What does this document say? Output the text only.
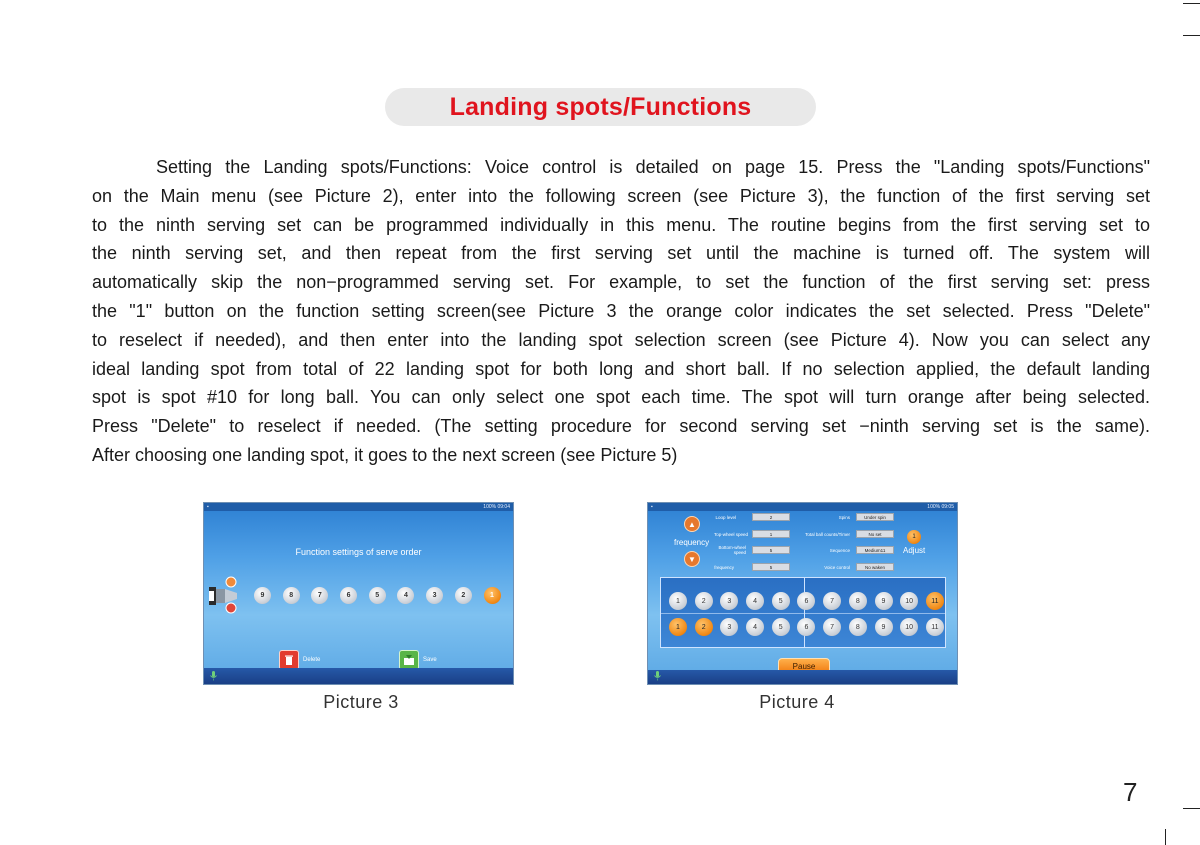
Landing spots/Functions
Setting the Landing spots/Functions: Voice control is detailed on page 15. Press the "Landing spots/Functions"
on the Main menu (see Picture 2), enter into the following screen (see Picture 3), the function of the first serving set
to the ninth serving set can be programmed individually in this menu. The routine begins from the first serving set to
the ninth serving set, and then repeat from the first serving set until the machine is turned off. The system will
automatically skip the non−programmed serving set. For example, to set the function of the first serving set: press
the "1" button on the function setting screen(see Picture 3 the orange color indicates the set selected. Press "Delete"
to reselect if needed), and then enter into the landing spot selection screen (see Picture 4). Now you can select any
ideal landing spot from total of 22 landing spot for both long and short ball. If no selection applied, the default landing
spot is spot #10 for long ball. You can only select one spot each time. The spot will turn orange after being selected.
Press "Delete" to reselect if needed. (The setting procedure for second serving set −ninth serving set is the same).
After choosing one landing spot, it goes to the next screen (see Picture 5)
▪	100% 09:04
Function settings of serve order
9	8	7	6	5	4	3	2	1
Delete	Save
Picture 3
▪	100% 09:05
▲
frequency
▼
Loop level	2
Top-wheel speed	1
Bottom-wheel speed	5
frequency	5
Spins	Under spin
Total ball counts/Timer	No set
Sequence	Medium11
Voice control	No waken
1
Adjust
1	2	3	4	5	6	7	8	9	10	11
1	2	3	4	5	6	7	8	9	10	11
Pause
Picture 4
7
